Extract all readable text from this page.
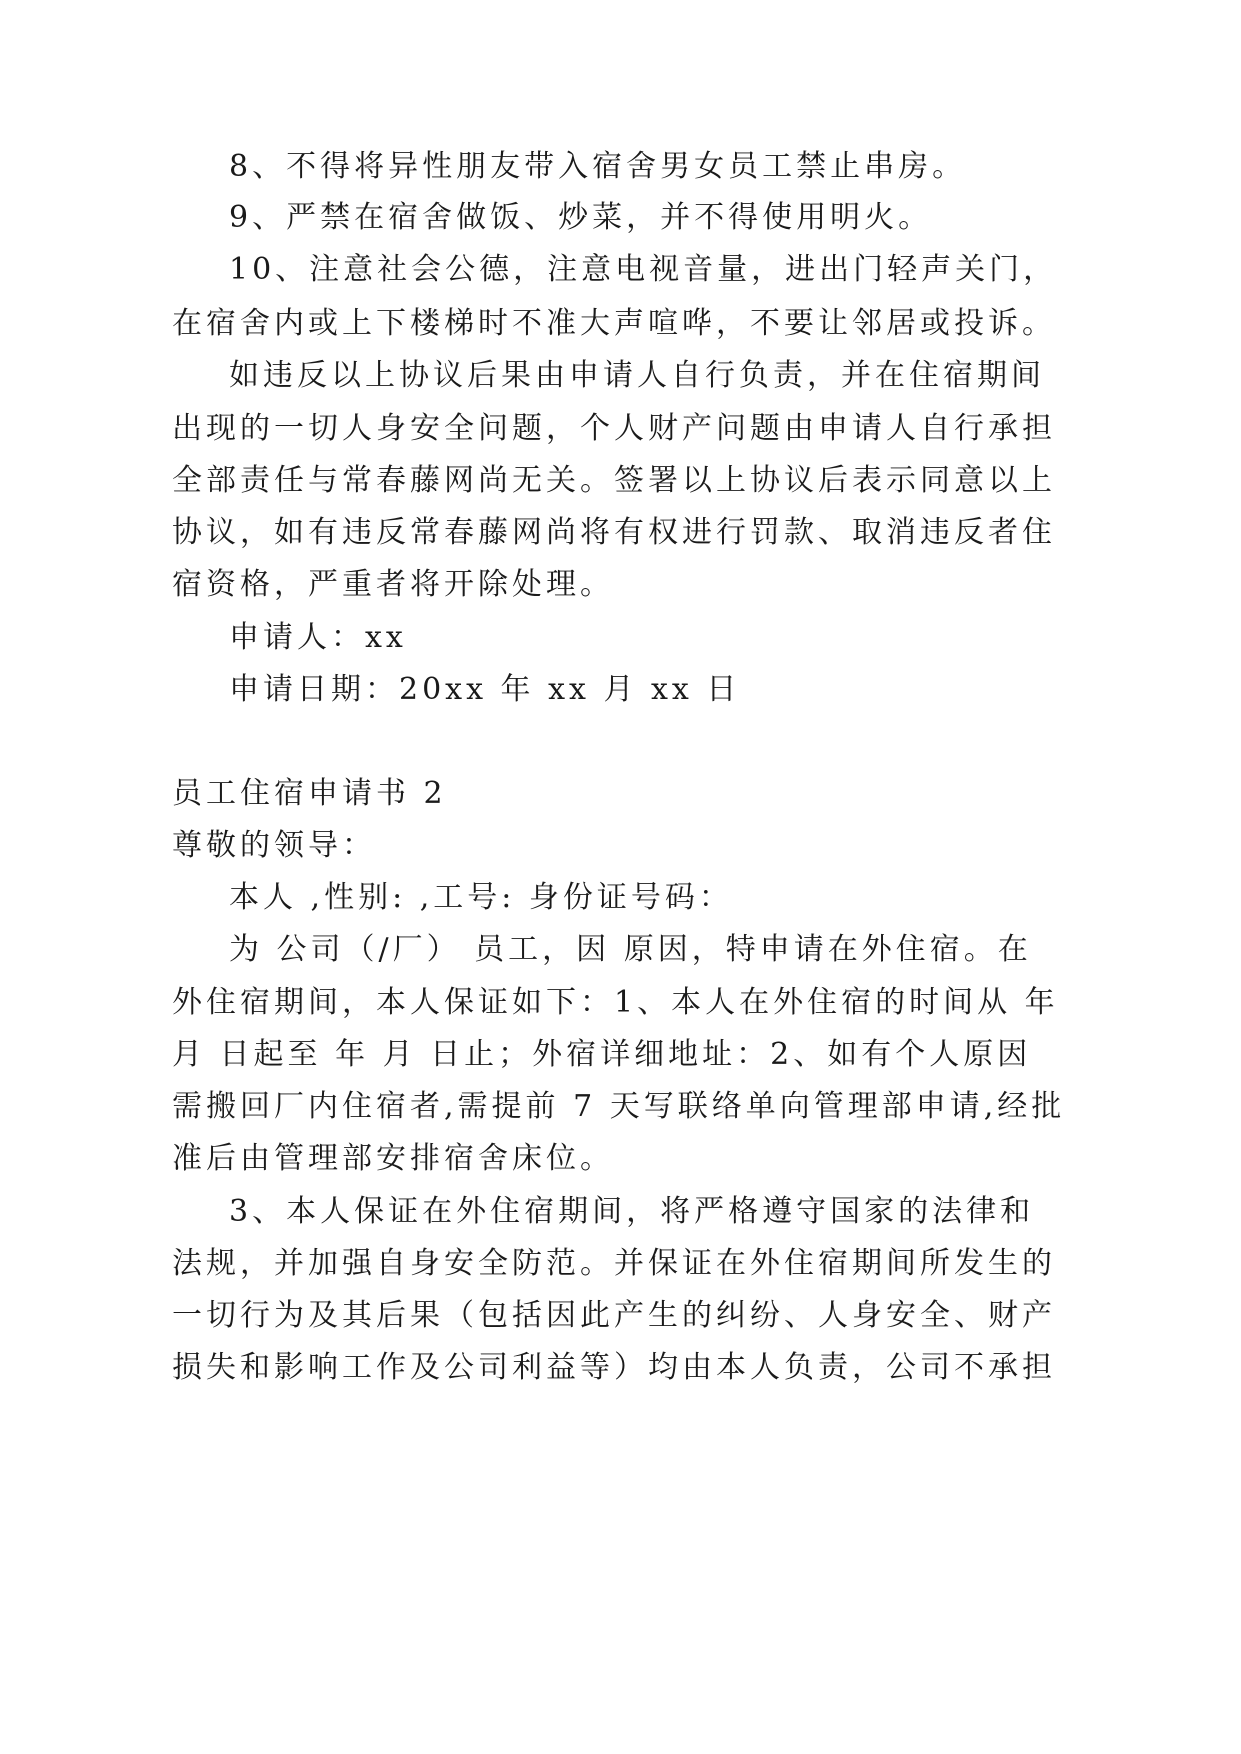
8、不得将异性朋友带入宿舍男女员工禁止串房。

9、严禁在宿舍做饭、炒菜，并不得使用明火。

10、注意社会公德，注意电视音量，进出门轻声关门，

在宿舍内或上下楼梯时不准大声喧哗，不要让邻居或投诉。

如违反以上协议后果由申请人自行负责，并在住宿期间

出现的一切人身安全问题，个人财产问题由申请人自行承担

全部责任与常春藤网尚无关。签署以上协议后表示同意以上

协议，如有违反常春藤网尚将有权进行罚款、取消违反者住

宿资格，严重者将开除处理。

申请人：xx

申请日期：20xx 年 xx 月 xx 日

员工住宿申请书 2

尊敬的领导：

本人 ,性别: ,工号: 身份证号码：

为 公司（/厂） 员工，因 原因，特申请在外住宿。在

外住宿期间，本人保证如下：1、本人在外住宿的时间从 年

月 日起至 年 月 日止；外宿详细地址：2、如有个人原因

需搬回厂内住宿者,需提前 7 天写联络单向管理部申请,经批

准后由管理部安排宿舍床位。

3、本人保证在外住宿期间，将严格遵守国家的法律和

法规，并加强自身安全防范。并保证在外住宿期间所发生的

一切行为及其后果（包括因此产生的纠纷、人身安全、财产

损失和影响工作及公司利益等）均由本人负责，公司不承担
